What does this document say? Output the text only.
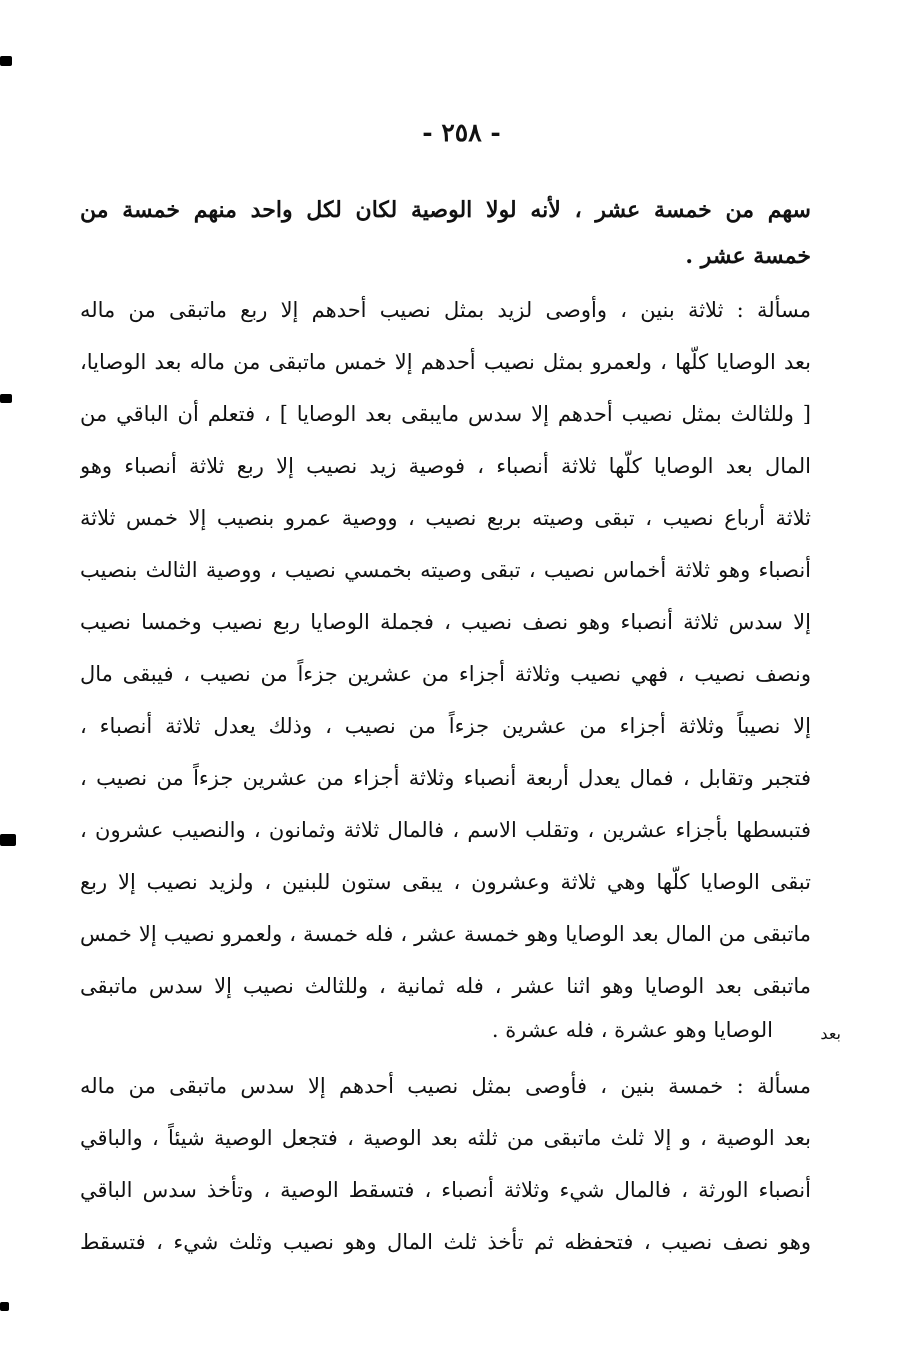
- ٢٥٨ -
سهم من خمسة عشر ، لأنه لولا الوصية لكان لكل واحد منهم خمسة من
خمسة عشر .
مسألة : ثلاثة بنين ، وأوصى لزيد بمثل نصيب أحدهم إلا ربع ماتبقى من ماله
بعد الوصايا كلّها ، ولعمرو بمثل نصيب أحدهم إلا خمس ماتبقى من ماله بعد الوصايا،
[ وللثالث بمثل نصيب أحدهم إلا سدس مايبقى بعد الوصايا ] ، فتعلم أن الباقي من
المال بعد الوصايا كلّها ثلاثة أنصباء ، فوصية زيد نصيب إلا ربع ثلاثة أنصباء وهو
ثلاثة أرباع نصيب ، تبقى وصيته بربع نصيب ، ووصية عمرو بنصيب إلا خمس ثلاثة
أنصباء وهو ثلاثة أخماس نصيب ، تبقى وصيته بخمسي نصيب ، ووصية الثالث بنصيب
إلا سدس ثلاثة أنصباء وهو نصف نصيب ، فجملة الوصايا ربع نصيب وخمسا نصيب
ونصف نصيب ، فهي نصيب وثلاثة أجزاء من عشرين جزءاً من نصيب ، فيبقى مال
إلا نصيباً وثلاثة أجزاء من عشرين جزءاً من نصيب ، وذلك يعدل ثلاثة أنصباء ،
فتجبر وتقابل ، فمال يعدل أربعة أنصباء وثلاثة أجزاء من عشرين جزءاً من نصيب ،
فتبسطها بأجزاء عشرين ، وتقلب الاسم ، فالمال ثلاثة وثمانون ، والنصيب عشرون ،
تبقى الوصايا كلّها وهي ثلاثة وعشرون ، يبقى ستون للبنين ، ولزيد نصيب إلا ربع
ماتبقى من المال بعد الوصايا وهو خمسة عشر ، فله خمسة ، ولعمرو نصيب إلا خمس
ماتبقى بعد الوصايا وهو اثنا عشر ، فله ثمانية ، وللثالث نصيب إلا سدس ماتبقى
الوصايا وهو عشرة ، فله عشرة .
مسألة : خمسة بنين ، فأوصى بمثل نصيب أحدهم إلا سدس ماتبقى من ماله
بعد الوصية ، و إلا ثلث ماتبقى من ثلثه بعد الوصية ، فتجعل الوصية شيئاً ، والباقي
أنصباء الورثة ، فالمال شيء وثلاثة أنصباء ، فتسقط الوصية ، وتأخذ سدس الباقي
وهو نصف نصيب ، فتحفظه ثم تأخذ ثلث المال وهو نصيب وثلث شيء ، فتسقط
بعد
